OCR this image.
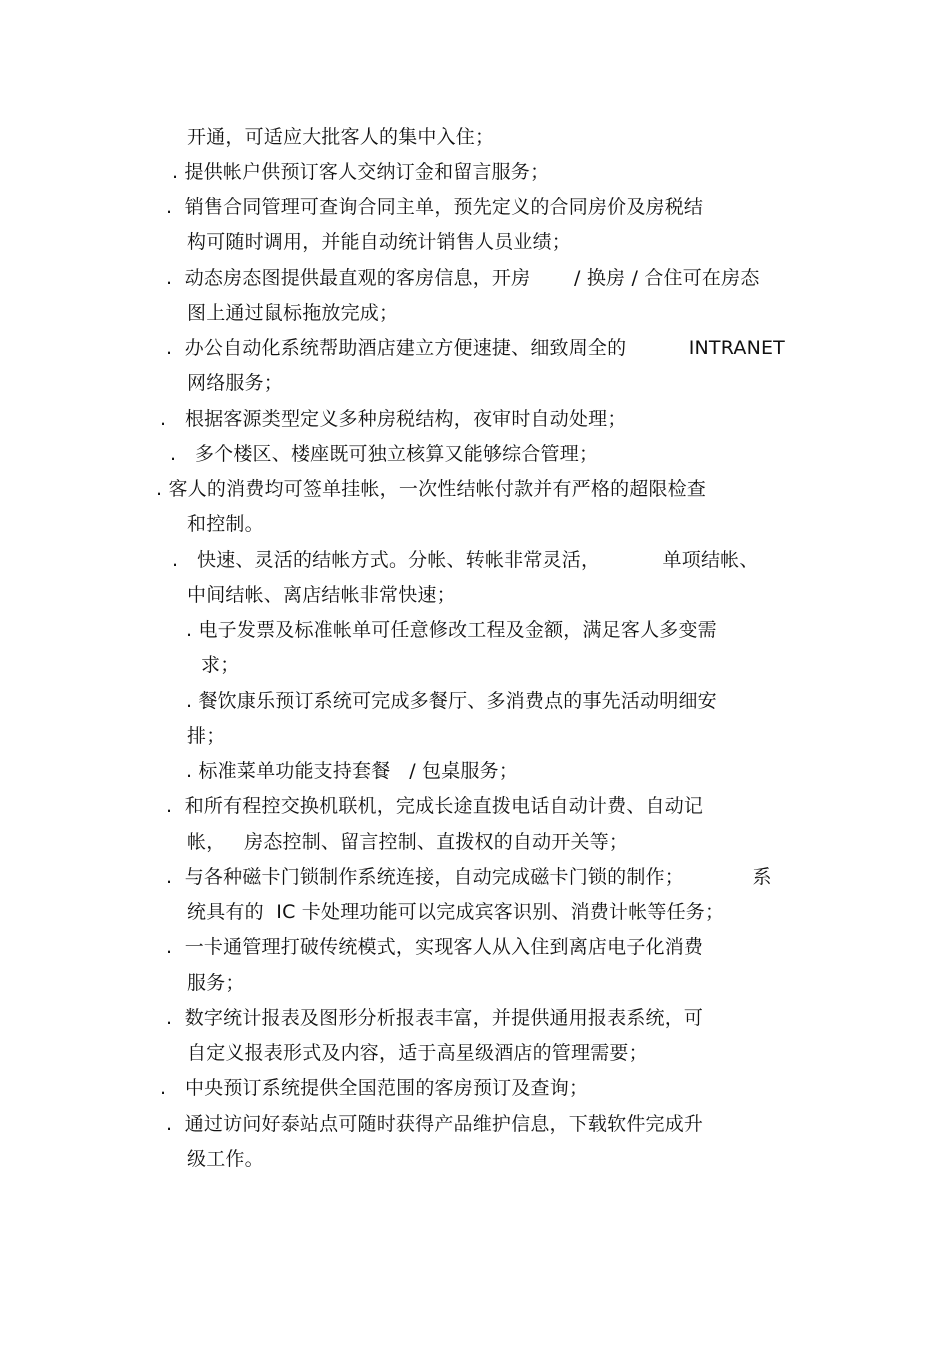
开通，可适应大批客人的集中入住；
. 提供帐户供预订客人交纳订金和留言服务；
.  销售合同管理可查询合同主单，预先定义的合同房价及房税结
构可随时调用，并能自动统计销售人员业绩；
.  动态房态图提供最直观的客房信息，开房       / 换房 / 合住可在房态
图上通过鼠标拖放完成；
.  办公自动化系统帮助酒店建立方便速捷、细致周全的          INTRANET
网络服务；
.   根据客源类型定义多种房税结构，夜审时自动处理；
.   多个楼区、楼座既可独立核算又能够综合管理；
. 客人的消费均可签单挂帐，一次性结帐付款并有严格的超限检查
和控制。
.   快速、灵活的结帐方式。分帐、转帐非常灵活，          单项结帐、
中间结帐、离店结帐非常快速；
. 电子发票及标准帐单可任意修改工程及金额，满足客人多变需
求；
. 餐饮康乐预订系统可完成多餐厅、多消费点的事先活动明细安
排；
. 标准菜单功能支持套餐   / 包桌服务；
.  和所有程控交换机联机，完成长途直拨电话自动计费、自动记
帐，   房态控制、留言控制、直拨权的自动开关等；
.  与各种磁卡门锁制作系统连接，自动完成磁卡门锁的制作；           系
统具有的  IC 卡处理功能可以完成宾客识别、消费计帐等任务；
.  一卡通管理打破传统模式，实现客人从入住到离店电子化消费
服务；
.  数字统计报表及图形分析报表丰富，并提供通用报表系统，可
自定义报表形式及内容，适于高星级酒店的管理需要；
.   中央预订系统提供全国范围的客房预订及查询；
.  通过访问好泰站点可随时获得产品维护信息，下载软件完成升
级工作。
